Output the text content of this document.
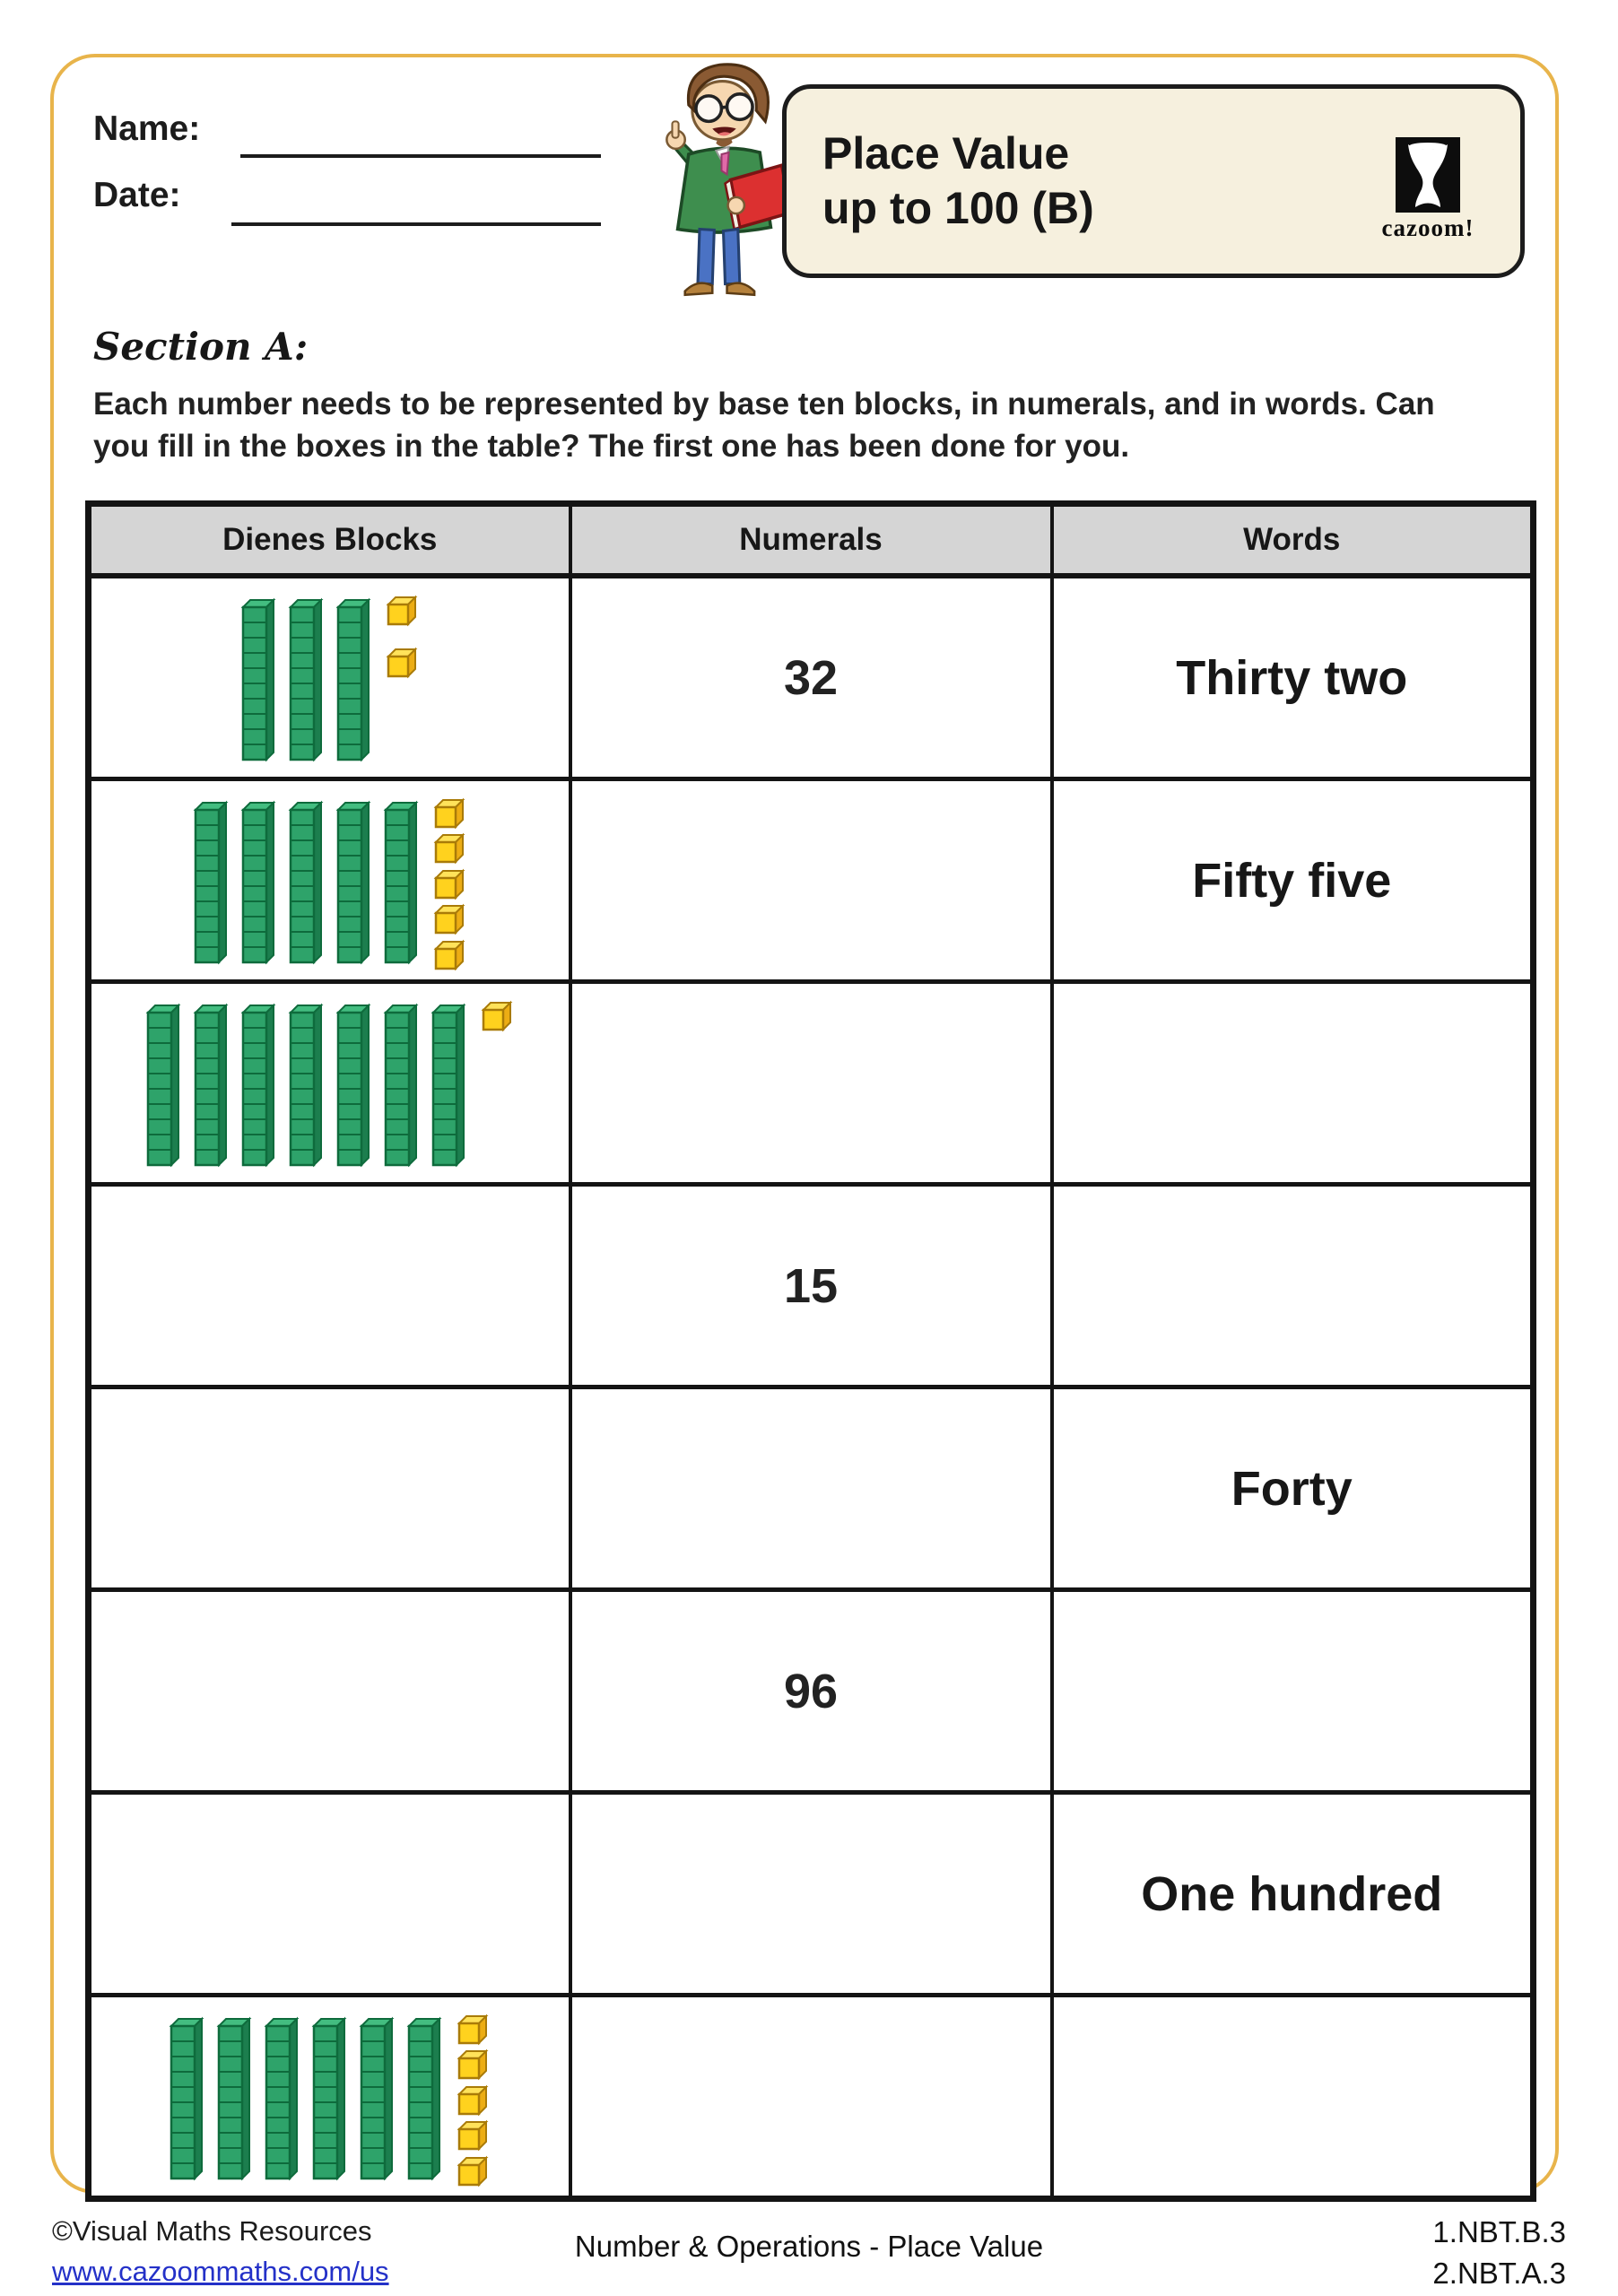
Name:
Date:
Place Value
up to 100 (B)	cazoom!
Section A:
Each number needs to be represented by base ten blocks, in numerals, and in words. Can you fill in the boxes in the table? The first one has been done for you.
Dienes Blocks	Numerals	Words

	32	Thirty two

		Fifty five

	15	
		Forty
	96	
		One hundred

©Visual Maths Resources
www.cazoommaths.com/us
Number & Operations - Place Value	1.NBT.B.3
2.NBT.A.3
